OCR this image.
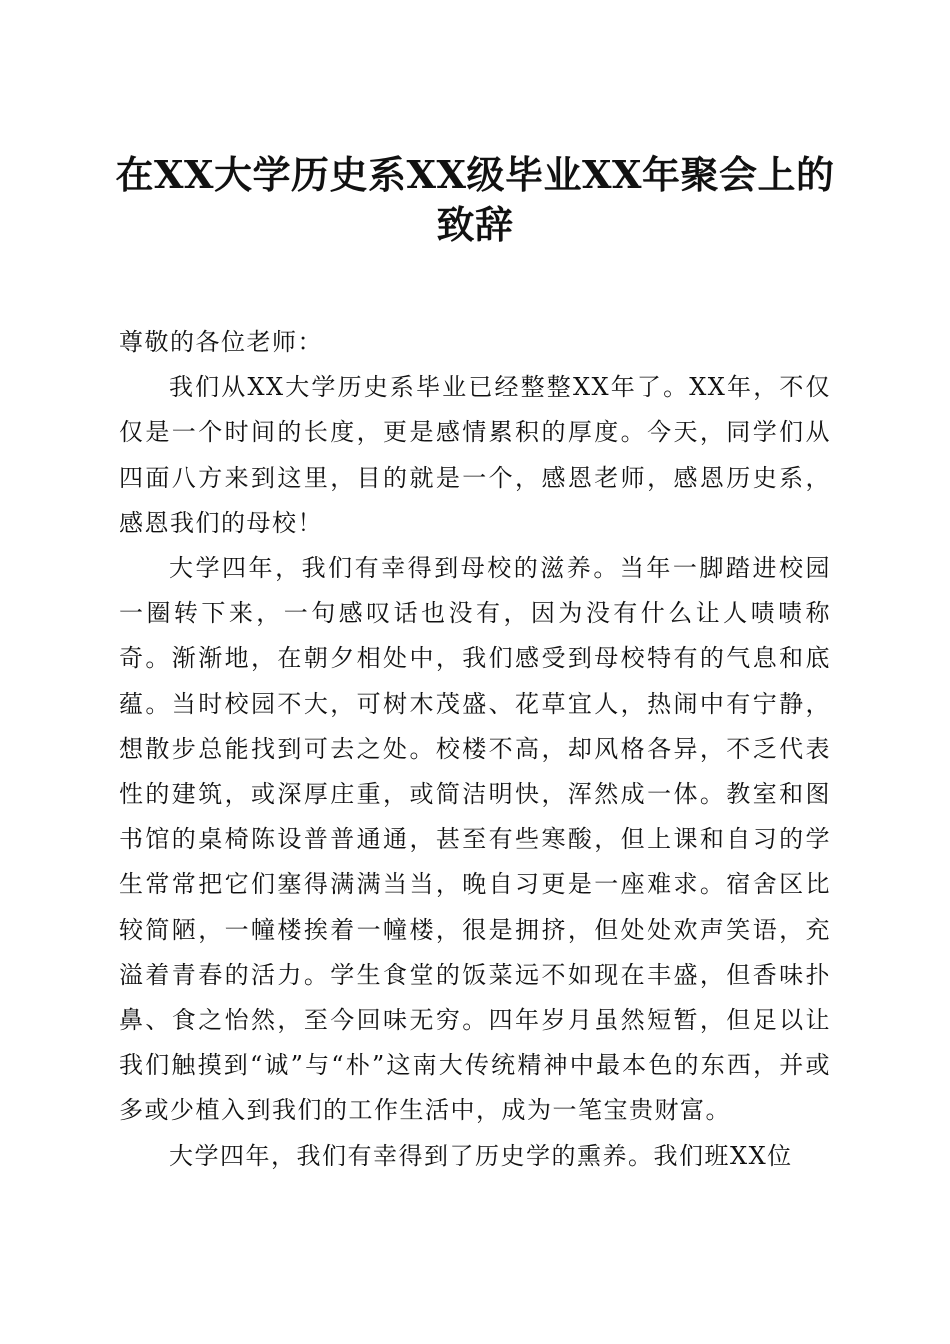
在XX大学历史系XX级毕业XX年聚会上的
致辞

尊敬的各位老师：

我们从XX大学历史系毕业已经整整XX年了。XX年，不仅仅是一个时间的长度，更是感情累积的厚度。今天，同学们从四面八方来到这里，目的就是一个，感恩老师，感恩历史系，感恩我们的母校！

大学四年，我们有幸得到母校的滋养。当年一脚踏进校园一圈转下来，一句感叹话也没有，因为没有什么让人啧啧称奇。渐渐地，在朝夕相处中，我们感受到母校特有的气息和底蕴。当时校园不大，可树木茂盛、花草宜人，热闹中有宁静，想散步总能找到可去之处。校楼不高，却风格各异，不乏代表性的建筑，或深厚庄重，或简洁明快，浑然成一体。教室和图书馆的桌椅陈设普普通通，甚至有些寒酸，但上课和自习的学生常常把它们塞得满满当当，晚自习更是一座难求。宿舍区比较简陋，一幢楼挨着一幢楼，很是拥挤，但处处欢声笑语，充溢着青春的活力。学生食堂的饭菜远不如现在丰盛，但香味扑鼻、食之怡然，至今回味无穷。四年岁月虽然短暂，但足以让我们触摸到“诚”与“朴”这南大传统精神中最本色的东西，并或多或少植入到我们的工作生活中，成为一笔宝贵财富。

大学四年，我们有幸得到了历史学的熏养。我们班XX位
